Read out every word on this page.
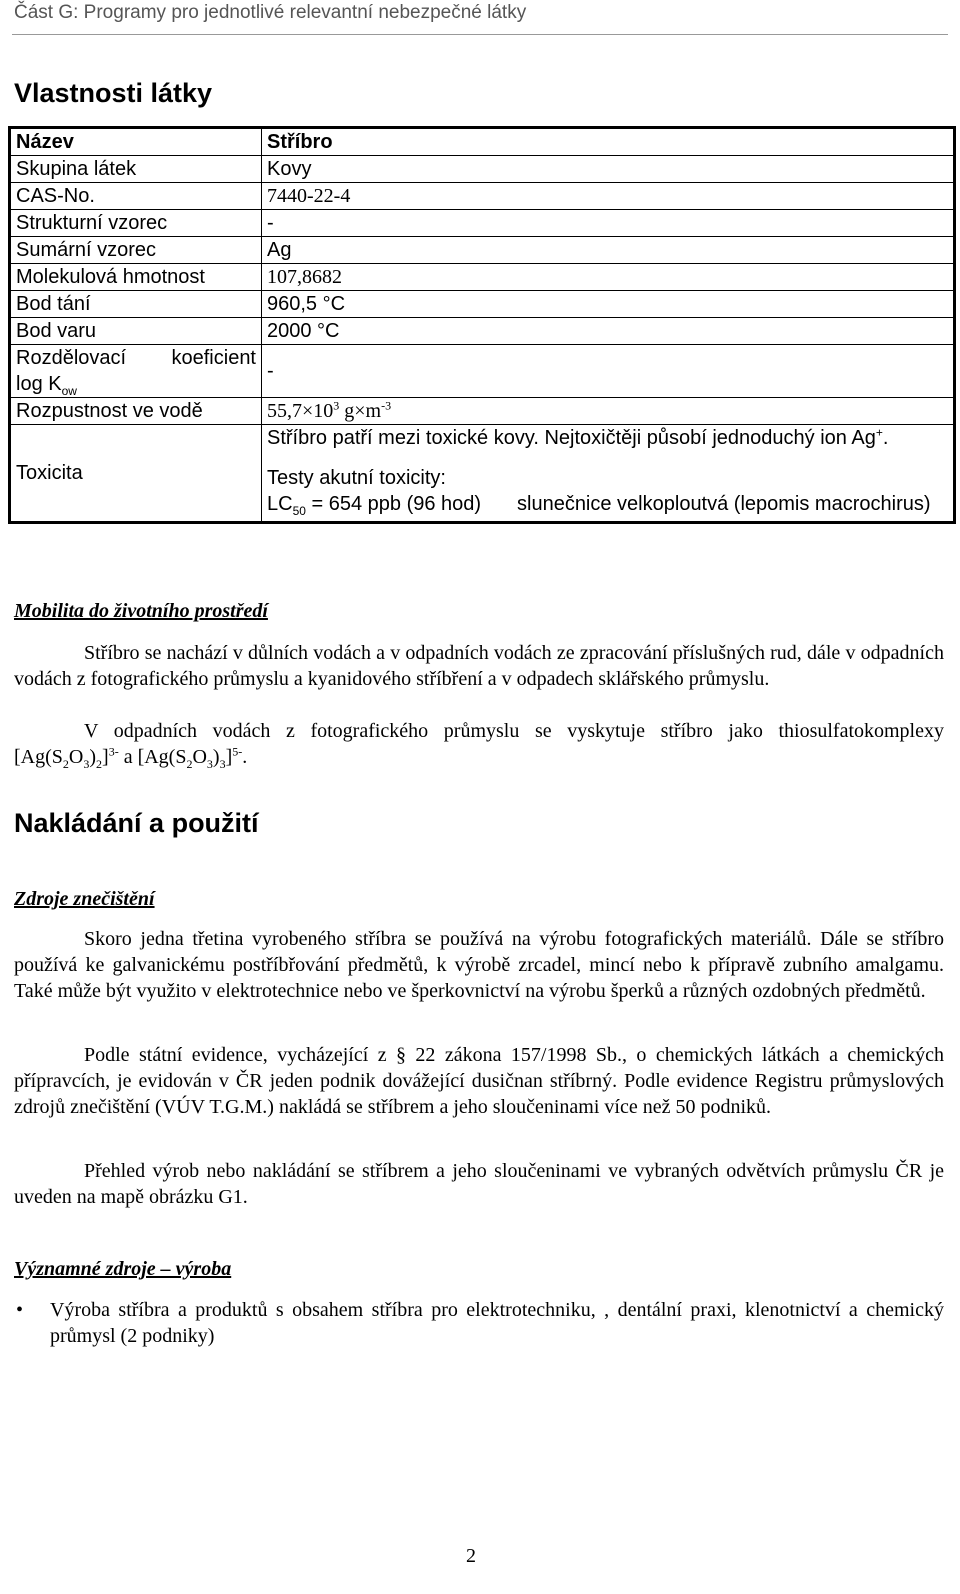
Část G: Programy pro jednotlivé relevantní nebezpečné látky
Vlastnosti látky
Název	Stříbro
Skupina látek	Kovy
CAS-No.	7440-22-4
Strukturní vzorec	-
Sumární vzorec	Ag
Molekulová hmotnost	107,8682
Bod tání	960,5 °C
Bod varu	2000 °C

Rozdělovací koeficient
$\log K_{ow}$	-
Rozpustnost ve vodě	$55,7\times 10^3$ $g\times m^{-3}$
Toxicita	Stříbro patří mezi toxické kovy. Nejtoxičtěji působí jednoduchý ion Ag+.
Testy akutní toxicity:
$LC_{50} = 654$ ppb (96 hod) slunečnice velkoploutvá (lepomis macrochirus)
Mobilita do životního prostředí

Stříbro se nachází v důlních vodách a v odpadních vodách ze zpracování příslušných rud, dále v odpadních vodách z fotografického průmyslu a kyanidového stříbření a v odpadech sklářského průmyslu.

V odpadních vodách z fotografického průmyslu se vyskytuje stříbro jako thiosulfatokomplexy $[Ag(S_2O_3)_2]^{3-}$ a $[Ag(S_2O_3)_3]^{5-}$.

Nakládání a použití
Zdroje znečištění

Skoro jedna třetina vyrobeného stříbra se používá na výrobu fotografických materiálů. Dále se stříbro používá ke galvanickému postříbřování předmětů, k výrobě zrcadel, mincí nebo k přípravě zubního amalgamu. Také může být využito v elektrotechnice nebo ve šperkovnictví na výrobu šperků a různých ozdobných předmětů.

Podle státní evidence, vycházející z § 22 zákona 157/1998 Sb., o chemických látkách a chemických přípravcích, je evidován v ČR jeden podnik dovážející dusičnan stříbrný. Podle evidence Registru průmyslových zdrojů znečištění (VÚV T.G.M.) nakládá se stříbrem a jeho sloučeninami více než 50 podniků.

Přehled výrob nebo nakládání se stříbrem a jeho sloučeninami ve vybraných odvětvích průmyslu ČR je uveden na mapě obrázku G1.

Významné zdroje – výroba
• Výroba stříbra a produktů s obsahem stříbra pro elektrotechniku, , dentální praxi, klenotnictví a chemický průmysl (2 podniky)
2
